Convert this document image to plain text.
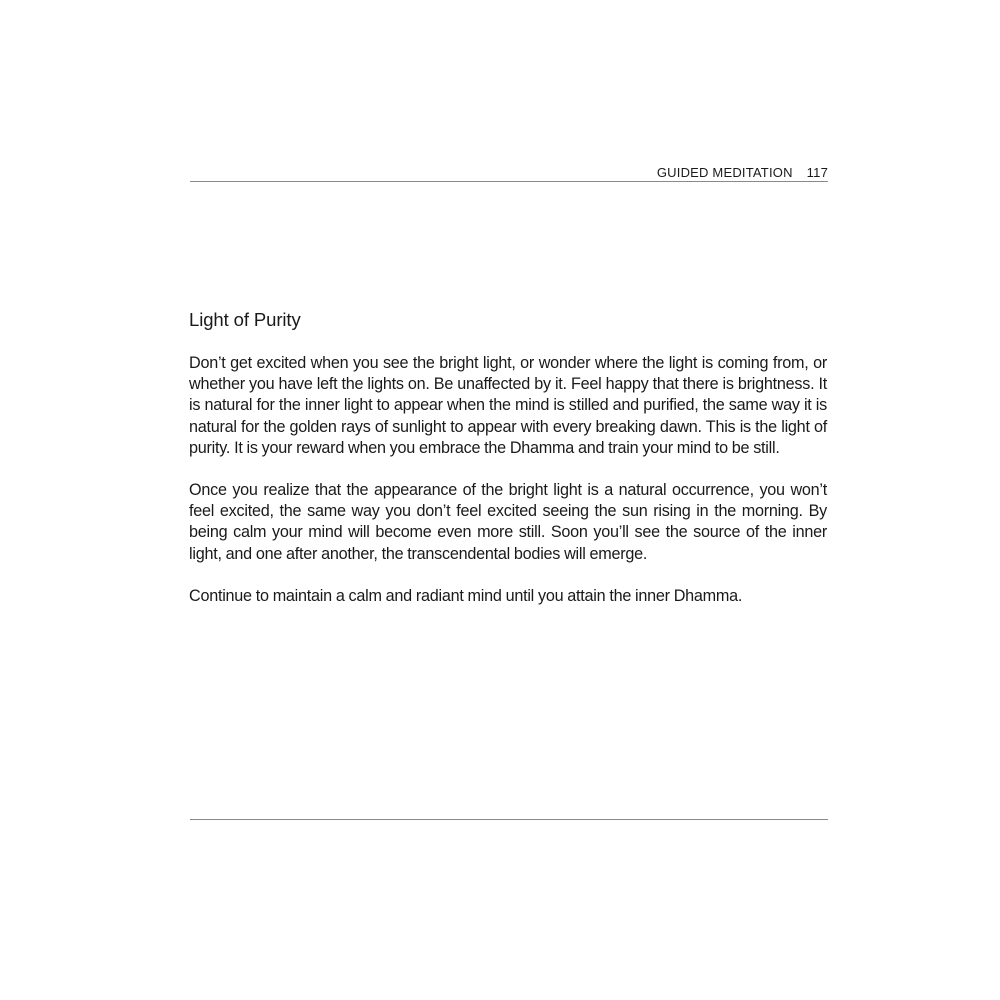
GUIDED MEDITATION 117
Light of Purity

Don’t get excited when you see the bright light, or wonder where the light is coming from, or whether you have left the lights on. Be unaffected by it. Feel happy that there is brightness. It is natural for the inner light to appear when the mind is stilled and purified, the same way it is natural for the golden rays of sunlight to appear with every breaking dawn. This is the light of purity. It is your reward when you embrace the Dhamma and train your mind to be still.

Once you realize that the appearance of the bright light is a natural occurrence, you won’t feel excited, the same way you don’t feel excited seeing the sun rising in the morning. By being calm your mind will become even more still. Soon you’ll see the source of the inner light, and one after another, the transcendental bodies will emerge.

Continue to maintain a calm and radiant mind until you attain the inner Dhamma.
